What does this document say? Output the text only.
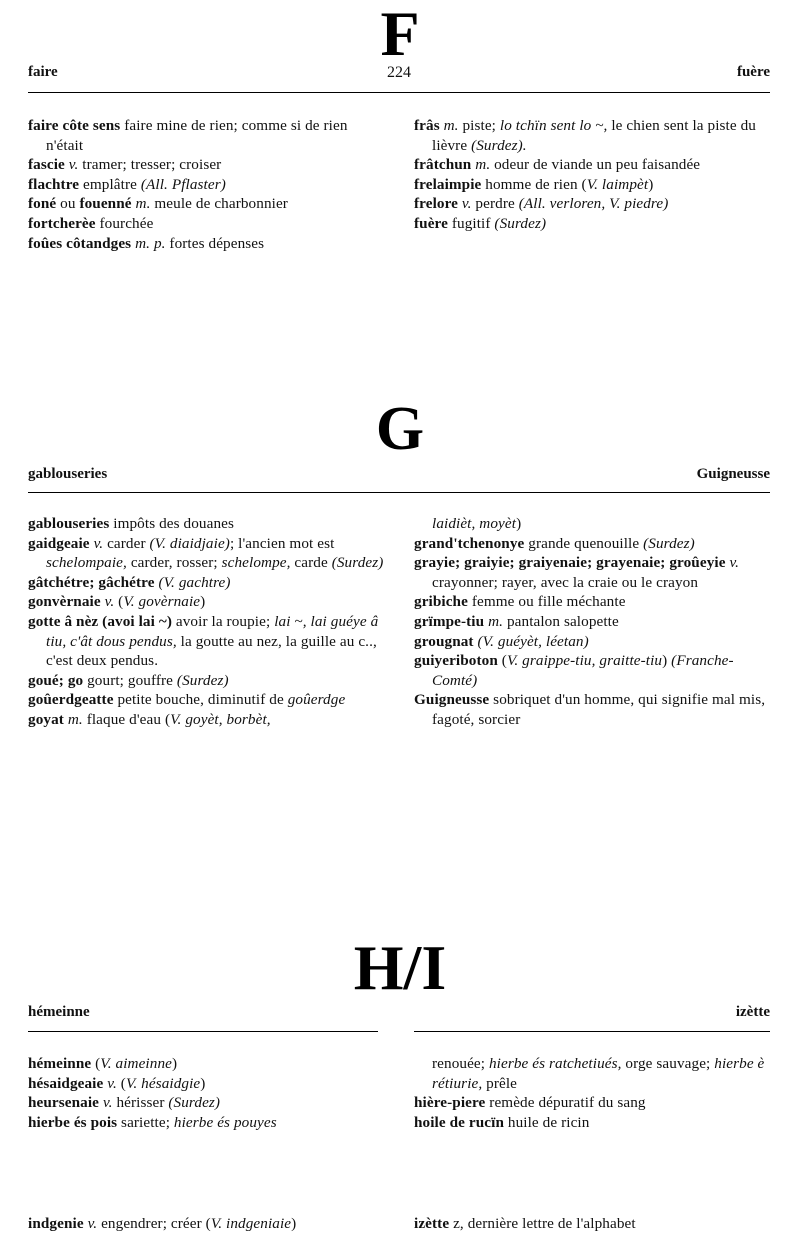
F
faire	224	fuère

faire côte sens faire mine de rien; comme si de rien n'était

fascie v. tramer; tresser; croiser

flachtre emplâtre (All. Pflaster)

foné ou fouenné m. meule de charbonnier

fortcherèe fourchée

foûes côtandges m. p. fortes dépenses

frâs m. piste; lo tchïn sent lo ~, le chien sent la piste du lièvre (Surdez).

frâtchun m. odeur de viande un peu faisandée

frelaimpie homme de rien (V. laimpèt)

frelore v. perdre (All. verloren, V. piedre)

fuère fugitif (Surdez)

G
gablouseries	Guigneusse

gablouseries impôts des douanes

gaidgeaie v. carder (V. diaidjaie); l'ancien mot est schelompaie, carder, rosser; schelompe, carde (Surdez)

gâtchétre; gâchétre (V. gachtre)

gonvèrnaie v. (V. govèrnaie)

gotte â nèz (avoi lai ~) avoir la roupie; lai ~, lai guéye â tiu, c'ât dous pendus, la goutte au nez, la guille au c.., c'est deux pendus.

goué; go gourt; gouffre (Surdez)

goûerdgeatte petite bouche, diminutif de goûerdge

goyat m. flaque d'eau (V. goyèt, borbèt,

laidièt, moyèt)

grand'tchenonye grande quenouille (Surdez)

grayie; graiyie; graiyenaie; grayenaie; groûeyie v. crayonner; rayer, avec la craie ou le crayon

gribiche femme ou fille méchante

grïmpe-tiu m. pantalon salopette

grougnat (V. guéyèt, léetan)

guiyeriboton (V. graippe-tiu, graitte-tiu) (Franche-Comté)

Guigneusse sobriquet d'un homme, qui signifie mal mis, fagoté, sorcier

H/I
hémeinne	izètte

hémeinne (V. aimeinne)

hésaidgeaie v. (V. hésaidgie)

heursenaie v. hérisser (Surdez)

hierbe és pois sariette; hierbe és pouyes

renouée; hierbe és ratchetiués, orge sauvage; hierbe è rétiurie, prêle

hière-piere remède dépuratif du sang

hoile de rucïn huile de ricin

indgenie v. engendrer; créer (V. indgeniaie)	izètte z, dernière lettre de l'alphabet
